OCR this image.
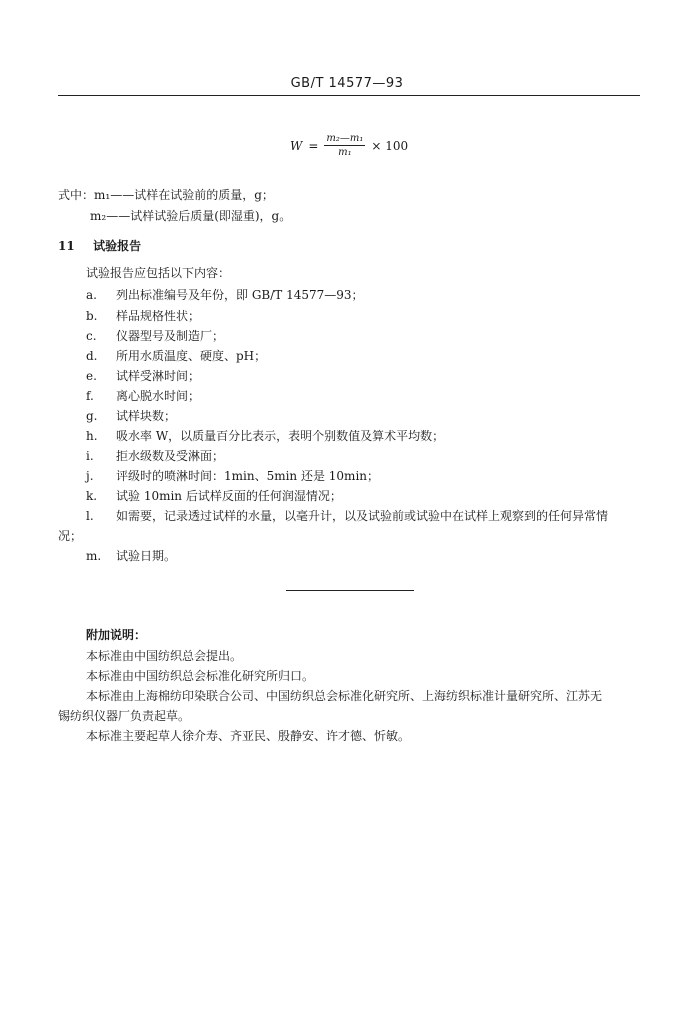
GB/T 14577—93
$W = \frac{\text{m₂—m₁}}{\text{m₁}} \times 100$
式中：m₁——试样在试验前的质量，g；
m₂——试样试验后质量(即湿重)，g。
11 试验报告
试验报告应包括以下内容：
a. 列出标准编号及年份，即 GB/T 14577—93；
b. 样品规格性状；
c. 仪器型号及制造厂；
d. 所用水质温度、硬度、pH；
e. 试样受淋时间；
f. 离心脱水时间；
g. 试样块数；
h. 吸水率 W，以质量百分比表示，表明个别数值及算术平均数；
i. 拒水级数及受淋面；
j. 评级时的喷淋时间：1min、5min 还是 10min；
k. 试验 10min 后试样反面的任何润湿情况；
l. 如需要，记录透过试样的水量，以毫升计，以及试验前或试验中在试样上观察到的任何异常情
况；
m. 试验日期。
附加说明：
本标准由中国纺织总会提出。
本标准由中国纺织总会标准化研究所归口。
本标准由上海棉纺印染联合公司、中国纺织总会标准化研究所、上海纺织标准计量研究所、江苏无
锡纺织仪器厂负责起草。
本标准主要起草人徐介寿、齐亚民、殷静安、许才德、忻敏。
